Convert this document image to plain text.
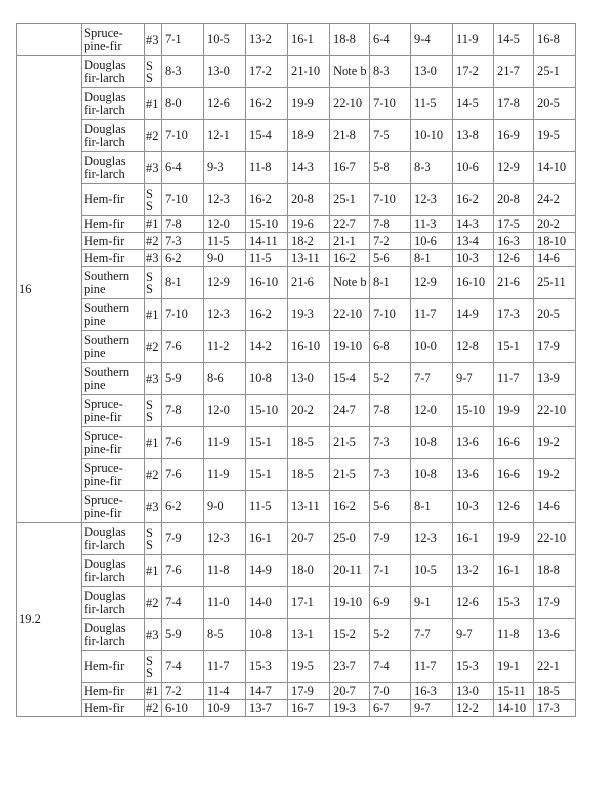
	Spruce-pine-fir	#3	7-1	10-5	13-2	16-1	18-8	6-4	9-4	11-9	14-5	16-8
16	Douglas fir-larch	S S	8-3	13-0	17-2	21-10	Note b	8-3	13-0	17-2	21-7	25-1
	Douglas fir-larch	#1	8-0	12-6	16-2	19-9	22-10	7-10	11-5	14-5	17-8	20-5
	Douglas fir-larch	#2	7-10	12-1	15-4	18-9	21-8	7-5	10-10	13-8	16-9	19-5
	Douglas fir-larch	#3	6-4	9-3	11-8	14-3	16-7	5-8	8-3	10-6	12-9	14-10
	Hem-fir	S S	7-10	12-3	16-2	20-8	25-1	7-10	12-3	16-2	20-8	24-2
	Hem-fir	#1	7-8	12-0	15-10	19-6	22-7	7-8	11-3	14-3	17-5	20-2
	Hem-fir	#2	7-3	11-5	14-11	18-2	21-1	7-2	10-6	13-4	16-3	18-10
	Hem-fir	#3	6-2	9-0	11-5	13-11	16-2	5-6	8-1	10-3	12-6	14-6
	Southern pine	S S	8-1	12-9	16-10	21-6	Note b	8-1	12-9	16-10	21-6	25-11
	Southern pine	#1	7-10	12-3	16-2	19-3	22-10	7-10	11-7	14-9	17-3	20-5
	Southern pine	#2	7-6	11-2	14-2	16-10	19-10	6-8	10-0	12-8	15-1	17-9
	Southern pine	#3	5-9	8-6	10-8	13-0	15-4	5-2	7-7	9-7	11-7	13-9
	Spruce-pine-fir	S S	7-8	12-0	15-10	20-2	24-7	7-8	12-0	15-10	19-9	22-10
	Spruce-pine-fir	#1	7-6	11-9	15-1	18-5	21-5	7-3	10-8	13-6	16-6	19-2
	Spruce-pine-fir	#2	7-6	11-9	15-1	18-5	21-5	7-3	10-8	13-6	16-6	19-2
	Spruce-pine-fir	#3	6-2	9-0	11-5	13-11	16-2	5-6	8-1	10-3	12-6	14-6
19.2	Douglas fir-larch	S S	7-9	12-3	16-1	20-7	25-0	7-9	12-3	16-1	19-9	22-10
	Douglas fir-larch	#1	7-6	11-8	14-9	18-0	20-11	7-1	10-5	13-2	16-1	18-8
	Douglas fir-larch	#2	7-4	11-0	14-0	17-1	19-10	6-9	9-1	12-6	15-3	17-9
	Douglas fir-larch	#3	5-9	8-5	10-8	13-1	15-2	5-2	7-7	9-7	11-8	13-6
	Hem-fir	S S	7-4	11-7	15-3	19-5	23-7	7-4	11-7	15-3	19-1	22-1
	Hem-fir	#1	7-2	11-4	14-7	17-9	20-7	7-0	16-3	13-0	15-11	18-5
	Hem-fir	#2	6-10	10-9	13-7	16-7	19-3	6-7	9-7	12-2	14-10	17-3
